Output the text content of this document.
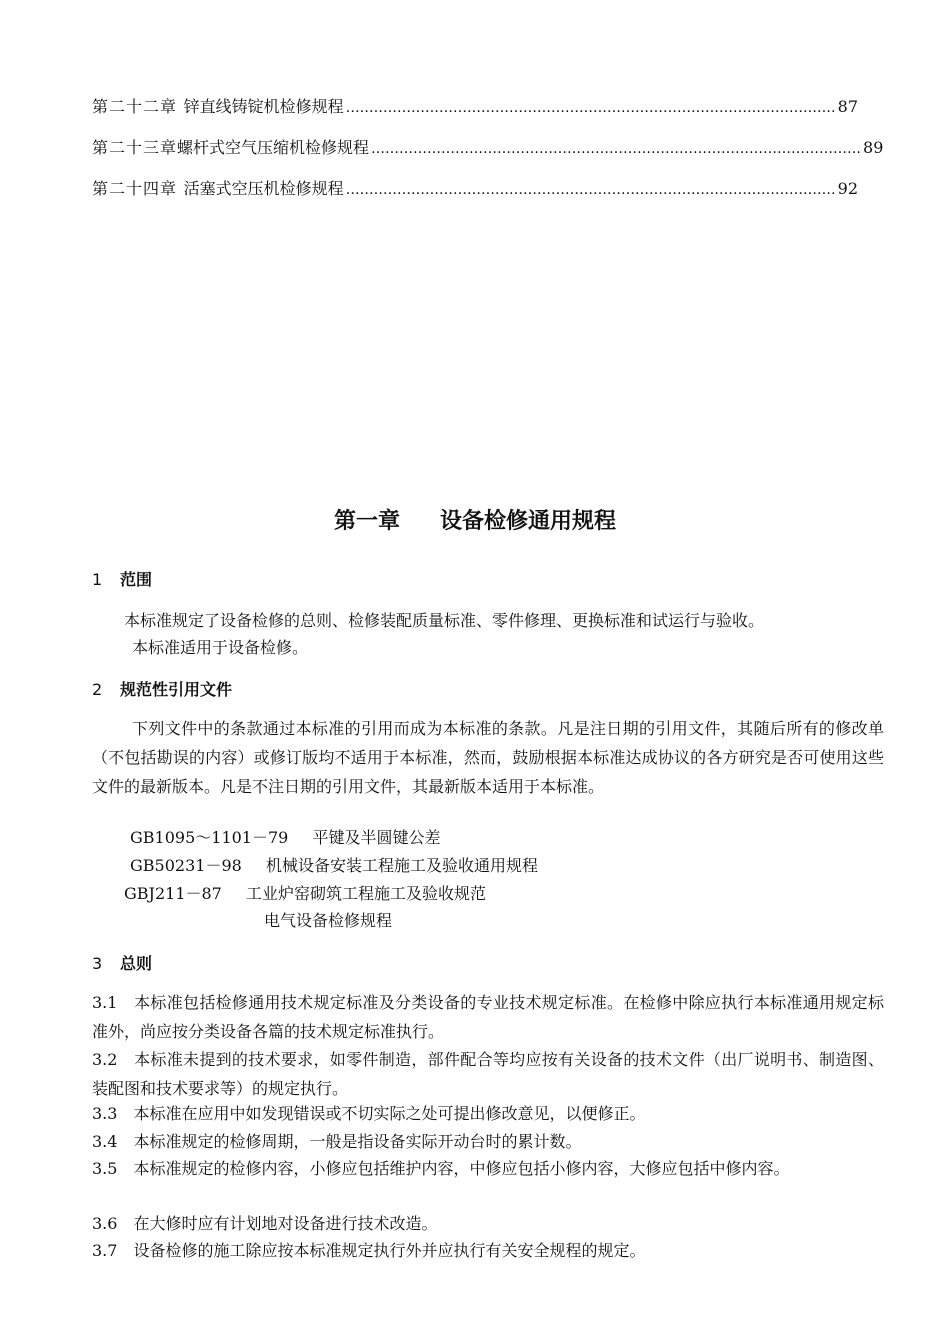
第二十二章 锌直线铸锭机检修规程 …………………………………………………………………………………………… 87
第二十三章 螺杆式空气压缩机检修规程 …………………………………………………………………………………………… 89
第二十四章 活塞式空压机检修规程 …………………………………………………………………………………………… 92
第一章 设备检修通用规程
1 范围
本标准规定了设备检修的总则、检修装配质量标准、零件修理、更换标准和试运行与验收。
本标准适用于设备检修。
2 规范性引用文件
下列文件中的条款通过本标准的引用而成为本标准的条款。凡是注日期的引用文件，其随后所有的修改单（不包括勘误的内容）或修订版均不适用于本标准，然而，鼓励根据本标准达成协议的各方研究是否可使用这些文件的最新版本。凡是不注日期的引用文件，其最新版本适用于本标准。
GB1095～1101－79 平键及半圆键公差
GB50231－98 机械设备安装工程施工及验收通用规程
GBJ211－87 工业炉窑砌筑工程施工及验收规范
电气设备检修规程
3 总则
3.1　 本标准包括检修通用技术规定标准及分类设备的专业技术规定标准。在检修中除应执行本标准通用规定标准外，尚应按分类设备各篇的技术规定标准执行。
3.2　 本标准未提到的技术要求，如零件制造，部件配合等均应按有关设备的技术文件（出厂说明书、制造图、装配图和技术要求等）的规定执行。
3.3　 本标准在应用中如发现错误或不切实际之处可提出修改意见，以便修正。
3.4　 本标准规定的检修周期，一般是指设备实际开动台时的累计数。
3.5　 本标准规定的检修内容，小修应包括维护内容，中修应包括小修内容，大修应包括中修内容。
3.6　 在大修时应有计划地对设备进行技术改造。
3.7　 设备检修的施工除应按本标准规定执行外并应执行有关安全规程的规定。
